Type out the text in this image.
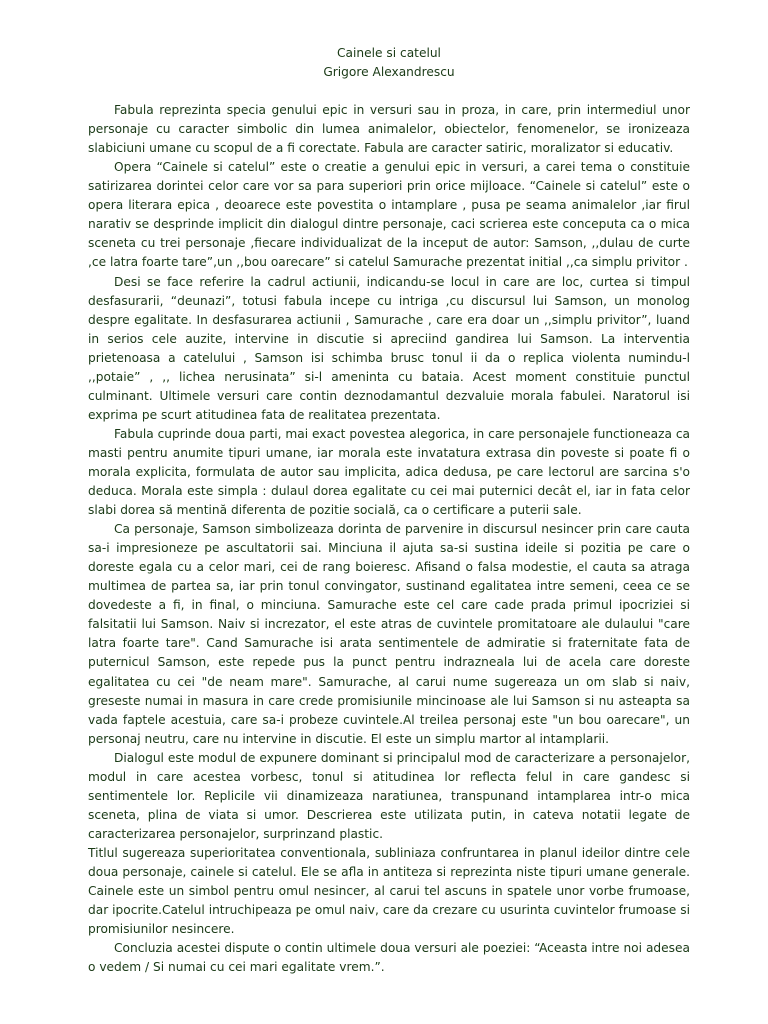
Cainele si catelul

Grigore Alexandrescu

Fabula reprezinta specia genului epic in versuri sau in proza, in care, prin intermediul unor personaje cu caracter simbolic din lumea animalelor, obiectelor, fenomenelor, se ironizeaza slabiciuni umane cu scopul de a fi corectate. Fabula are caracter satiric, moralizator si educativ.

Opera “Cainele si catelul” este o creatie a genului epic in versuri, a carei tema o constituie satirizarea dorintei celor care vor sa para superiori prin orice mijloace. “Cainele si catelul” este o opera literara epica , deoarece este povestita o intamplare , pusa pe seama animalelor ,iar firul narativ se desprinde implicit din dialogul dintre personaje, caci scrierea este conceputa ca o mica sceneta cu trei personaje ,fiecare individualizat de la inceput de autor: Samson, ,,dulau de curte ,ce latra foarte tare”,un ,,bou oarecare” si catelul Samurache prezentat initial ,,ca simplu privitor .

Desi se face referire la cadrul actiunii, indicandu-se locul in care are loc, curtea si timpul desfasurarii, “deunazi”, totusi fabula incepe cu intriga ,cu discursul lui Samson, un monolog despre egalitate. In desfasurarea actiunii , Samurache , care era doar un ,,simplu privitor”, luand in serios cele auzite, intervine in discutie si apreciind gandirea lui Samson. La interventia prietenoasa a catelului , Samson isi schimba brusc tonul ii da o replica violenta numindu-l ,,potaie” , ,, lichea nerusinata” si-l ameninta cu bataia. Acest moment constituie punctul culminant. Ultimele versuri care contin deznodamantul dezvaluie morala fabulei. Naratorul isi exprima pe scurt atitudinea fata de realitatea prezentata.

Fabula cuprinde doua parti, mai exact povestea alegorica, in care personajele functioneaza ca masti pentru anumite tipuri umane, iar morala este invatatura extrasa din poveste si poate fi o morala explicita, formulata de autor sau implicita, adica dedusa, pe care lectorul are sarcina s'o deduca. Morala este simpla : dulaul dorea egalitate cu cei mai puternici decât el, iar in fata celor slabi dorea să mentină diferenta de pozitie socială, ca o certificare a puterii sale.

Ca personaje, Samson simbolizeaza dorinta de parvenire in discursul nesincer prin care cauta sa-i impresioneze pe ascultatorii sai. Minciuna il ajuta sa-si sustina ideile si pozitia pe care o doreste egala cu a celor mari, cei de rang boieresc. Afisand o falsa modestie, el cauta sa atraga multimea de partea sa, iar prin tonul convingator, sustinand egalitatea intre semeni, ceea ce se dovedeste a fi, in final, o minciuna. Samurache este cel care cade prada primul ipocriziei si falsitatii lui Samson. Naiv si increzator, el este atras de cuvintele promitatoare ale dulaului "care latra foarte tare". Cand Samurache isi arata sentimentele de admiratie si fraternitate fata de puternicul Samson, este repede pus la punct pentru indrazneala lui de acela care doreste egalitatea cu cei "de neam mare". Samurache, al carui nume sugereaza un om slab si naiv, greseste numai in masura in care crede promisiunile mincinoase ale lui Samson si nu asteapta sa vada faptele acestuia, care sa-i probeze cuvintele.Al treilea personaj este "un bou oarecare", un personaj neutru, care nu intervine in discutie. El este un simplu martor al intamplarii.

Dialogul este modul de expunere dominant si principalul mod de caracterizare a personajelor, modul in care acestea vorbesc, tonul si atitudinea lor reflecta felul in care gandesc si sentimentele lor. Replicile vii dinamizeaza naratiunea, transpunand intamplarea intr-o mica sceneta, plina de viata si umor. Descrierea este utilizata putin, in cateva notatii legate de caracterizarea personajelor, surprinzand plastic.

Titlul sugereaza superioritatea conventionala, subliniaza confruntarea in planul ideilor dintre cele doua personaje, cainele si catelul. Ele se afla in antiteza si reprezinta niste tipuri umane generale. Cainele este un simbol pentru omul nesincer, al carui tel ascuns in spatele unor vorbe frumoase, dar ipocrite.Catelul intruchipeaza pe omul naiv, care da crezare cu usurinta cuvintelor frumoase si promisiunilor nesincere.

Concluzia acestei dispute o contin ultimele doua versuri ale poeziei: “Aceasta intre noi adesea o vedem / Si numai cu cei mari egalitate vrem.”.
